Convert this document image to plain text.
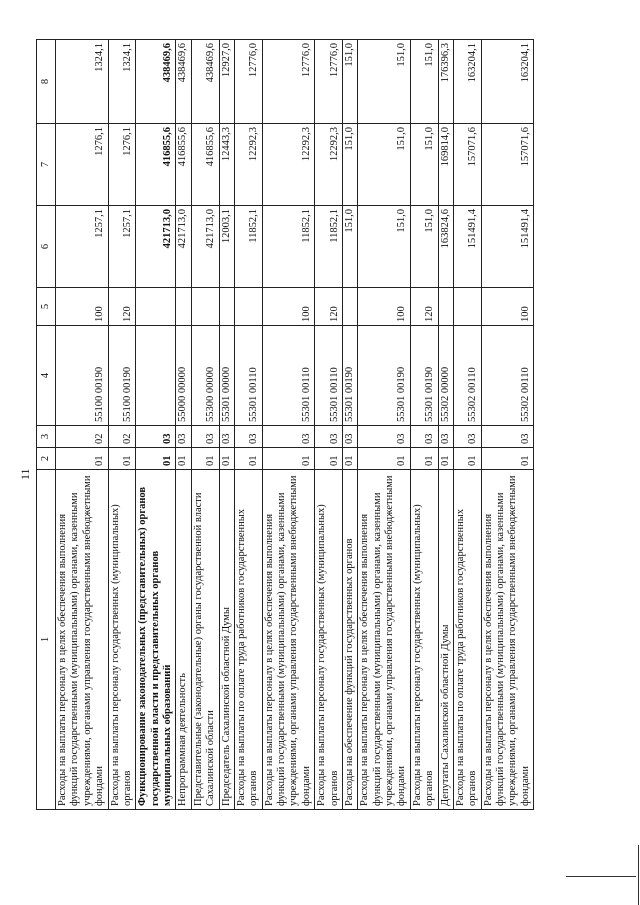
11
1	2	3	4	5	6	7	8
Расходы на выплаты персоналу в целях обеспечения выполнения функций государственными (муниципальными) органами, казенными учреждениями, органами управления государственными внебюджетными фондами	01	02	55100 00190	100	1257,1	1276,1	1324,1
Расходы на выплаты персоналу государственных (муниципальных) органов	01	02	55100 00190	120	1257,1	1276,1	1324,1
Функционирование законодательных (представительных) органов государственной власти и представительных органов муниципальных образований	01	03			421713,0	416855,6	438469,6
Непрограммная деятельность	01	03	55000 00000		421713,0	416855,6	438469,6
Представительные (законодательные) органы государственной власти Сахалинской области	01	03	55300 00000		421713,0	416855,6	438469,6
Председатель Сахалинской областной Думы	01	03	55301 00000		12003,1	12443,3	12927,0
Расходы на выплаты по оплате труда работников государственных органов	01	03	55301 00110		11852,1	12292,3	12776,0
Расходы на выплаты персоналу в целях обеспечения выполнения функций государственными (муниципальными) органами, казенными учреждениями, органами управления государственными внебюджетными фондами	01	03	55301 00110	100	11852,1	12292,3	12776,0
Расходы на выплаты персоналу государственных (муниципальных) органов	01	03	55301 00110	120	11852,1	12292,3	12776,0
Расходы на обеспечение функций государственных органов	01	03	55301 00190		151,0	151,0	151,0
Расходы на выплаты персоналу в целях обеспечения выполнения функций государственными (муниципальными) органами, казенными учреждениями, органами управления государственными внебюджетными фондами	01	03	55301 00190	100	151,0	151,0	151,0
Расходы на выплаты персоналу государственных (муниципальных) органов	01	03	55301 00190	120	151,0	151,0	151,0
Депутаты Сахалинской областной Думы	01	03	55302 00000		163824,6	169814,0	176396,3
Расходы на выплаты по оплате труда работников государственных органов	01	03	55302 00110		151491,4	157071,6	163204,1
Расходы на выплаты персоналу в целях обеспечения выполнения функций государственными (муниципальными) органами, казенными учреждениями, органами управления государственными внебюджетными фондами	01	03	55302 00110	100	151491,4	157071,6	163204,1
